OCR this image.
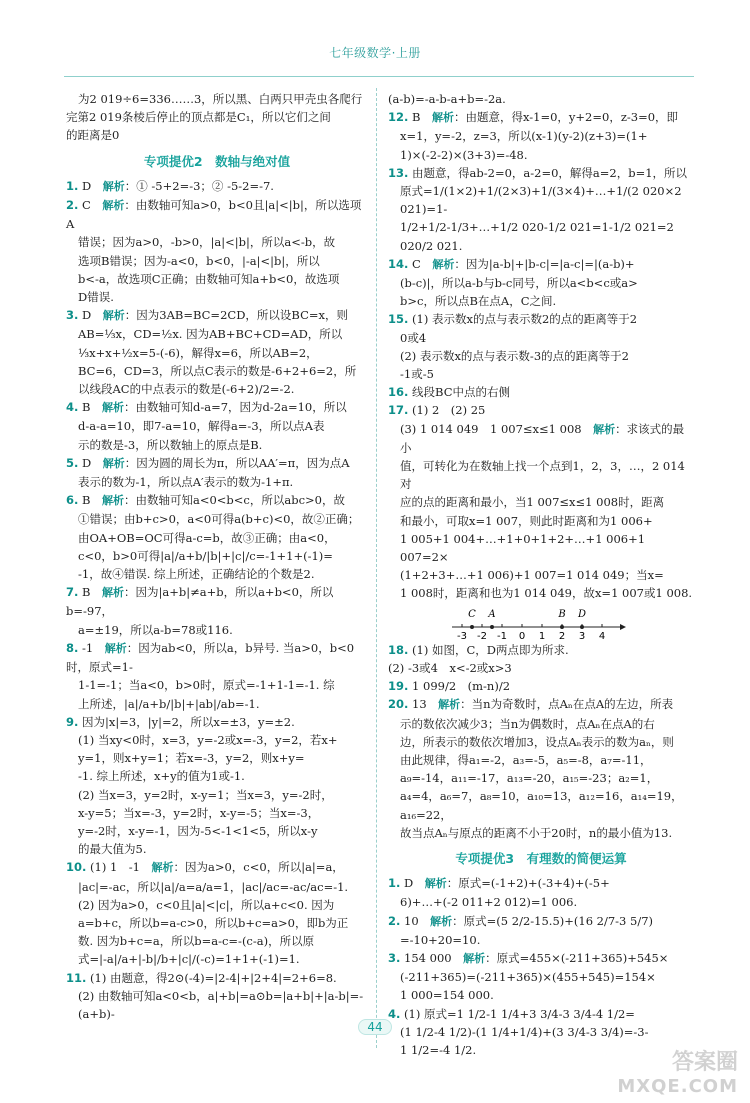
七年级数学·上册
为2 019÷6=336……3，所以黑、白两只甲壳虫各爬行
完第2 019条棱后停止的顶点都是C₁，所以它们之间
的距离是0
专项提优2　数轴与绝对值
1. D　解析：① -5+2=-3；② -5-2=-7.
2. C　解析：由数轴可知a>0，b<0且|a|<|b|，所以选项A
错误；因为a>0，-b>0，|a|<|b|，所以a<-b，故
选项B错误；因为-a<0，b<0，|-a|<|b|，所以
b<-a，故选项C正确；由数轴可知a+b<0，故选项
D错误.
3. D　解析：因为3AB=BC=2CD，所以设BC=x，则
AB=⅓x，CD=½x. 因为AB+BC+CD=AD，所以
⅓x+x+½x=5-(-6)，解得x=6，所以AB=2，
BC=6，CD=3，所以点C表示的数是-6+2+6=2，所
以线段AC的中点表示的数是(-6+2)/2=-2.
4. B　解析：由数轴可知d-a=7，因为d-2a=10，所以
d-a-a=10，即7-a=10，解得a=-3，所以点A表
示的数是-3，所以数轴上的原点是B.
5. D　解析：因为圆的周长为π，所以AA′=π，因为点A
表示的数为-1，所以点A′表示的数为-1+π.
6. B　解析：由数轴可知a<0<b<c，所以abc>0，故
①错误；由b+c>0，a<0可得a(b+c)<0，故②正确；
由OA+OB=OC可得a-c=b，故③正确；由a<0，
c<0，b>0可得|a|/a+b/|b|+|c|/c=-1+1+(-1)=
-1，故④错误. 综上所述，正确结论的个数是2.
7. B　解析：因为|a+b|≠a+b，所以a+b<0，所以b=-97，
a=±19，所以a-b=78或116.
8. -1　解析：因为ab<0，所以a，b异号. 当a>0，b<0时，原式=1-
1-1=-1；当a<0，b>0时，原式=-1+1-1=-1. 综
上所述，|a|/a+b/|b|+|ab|/ab=-1.
9. 因为|x|=3，|y|=2，所以x=±3，y=±2.
(1) 当xy<0时，x=3，y=-2或x=-3，y=2，若x+
y=1，则x+y=1；若x=-3，y=2，则x+y=
-1. 综上所述，x+y的值为1或-1.
(2) 当x=3，y=2时，x-y=1；当x=3，y=-2时，
x-y=5；当x=-3，y=2时，x-y=-5；当x=-3，
y=-2时，x-y=-1，因为-5<-1<1<5，所以x-y
的最大值为5.
10. (1) 1　-1　解析：因为a>0，c<0，所以|a|=a，
|ac|=-ac，所以|a|/a=a/a=1，|ac|/ac=-ac/ac=-1.
(2) 因为a>0，c<0且|a|<|c|，所以a+c<0. 因为
a=b+c，所以b=a-c>0，所以b+c=a>0，即b为正
数. 因为b+c=a，所以b=a-c=-(c-a)，所以原
式=|-a|/a+|-b|/b+|c|/(-c)=1+1+(-1)=1.
11. (1) 由题意，得2⊙(-4)=|2-4|+|2+4|=2+6=8.
(2) 由数轴可知a<0<b，a|+b|=a⊙b=|a+b|+|a-b|=-(a+b)-
(a-b)=-a-b-a+b=-2a.
12. B　解析：由题意，得x-1=0，y+2=0，z-3=0，即
x=1，y=-2，z=3，所以(x-1)(y-2)(z+3)=(1+
1)×(-2-2)×(3+3)=-48.
13. 由题意，得ab-2=0，a-2=0，解得a=2，b=1，所以
原式=1/(1×2)+1/(2×3)+1/(3×4)+…+1/(2 020×2 021)=1-
1/2+1/2-1/3+…+1/2 020-1/2 021=1-1/2 021=2 020/2 021.
14. C　解析：因为|a-b|+|b-c|=|a-c|=|(a-b)+
(b-c)|，所以a-b与b-c同号，所以a<b<c或a>
b>c，所以点B在点A，C之间.
15. (1) 表示数x的点与表示数2的点的距离等于2
0或4
(2) 表示数x的点与表示数-3的点的距离等于2
-1或-5
16. 线段BC中点的右侧
17. (1) 2　(2) 25
(3) 1 014 049　1 007≤x≤1 008　解析：求该式的最小
值，可转化为在数轴上找一个点到1，2，3，…，2 014对
应的点的距离和最小，当1 007≤x≤1 008时，距离
和最小，可取x=1 007，则此时距离和为1 006+
1 005+1 004+…+1+0+1+2+…+1 006+1 007=2×
(1+2+3+…+1 006)+1 007=1 014 049；当x=
1 008时，距离和也为1 014 049，故x=1 007或1 008.
-3 -2 -1 0 1 2 3 4
C A	B D
18. (1) 如图，C，D两点即为所求.
(2) -3或4　x<-2或x>3
19. 1 099/2　(m-n)/2
20. 13　解析：当n为奇数时，点Aₙ在点A的左边，所表
示的数依次减少3；当n为偶数时，点Aₙ在点A的右
边，所表示的数依次增加3，设点Aₙ表示的数为aₙ，则
由此规律，得a₁=-2，a₃=-5，a₅=-8，a₇=-11，
a₉=-14，a₁₁=-17，a₁₃=-20，a₁₅=-23；a₂=1，
a₄=4，a₆=7，a₈=10，a₁₀=13，a₁₂=16，a₁₄=19，a₁₆=22，
故当点Aₙ与原点的距离不小于20时，n的最小值为13.
专项提优3　有理数的简便运算
1. D　解析：原式=(-1+2)+(-3+4)+(-5+
6)+…+(-2 011+2 012)=1 006.
2. 10　解析：原式=(5 2/2-15.5)+(16 2/7-3 5/7)
=-10+20=10.
3. 154 000　解析：原式=455×(-211+365)+545×
(-211+365)=(-211+365)×(455+545)=154×
1 000=154 000.
4. (1) 原式=1 1/2-1 1/4+3 3/4-3 3/4-4 1/2=
(1 1/2-4 1/2)-(1 1/4+1/4)+(3 3/4-3 3/4)=-3-
1 1/2=-4 1/2.
44
答案圈
MXQE.COM
